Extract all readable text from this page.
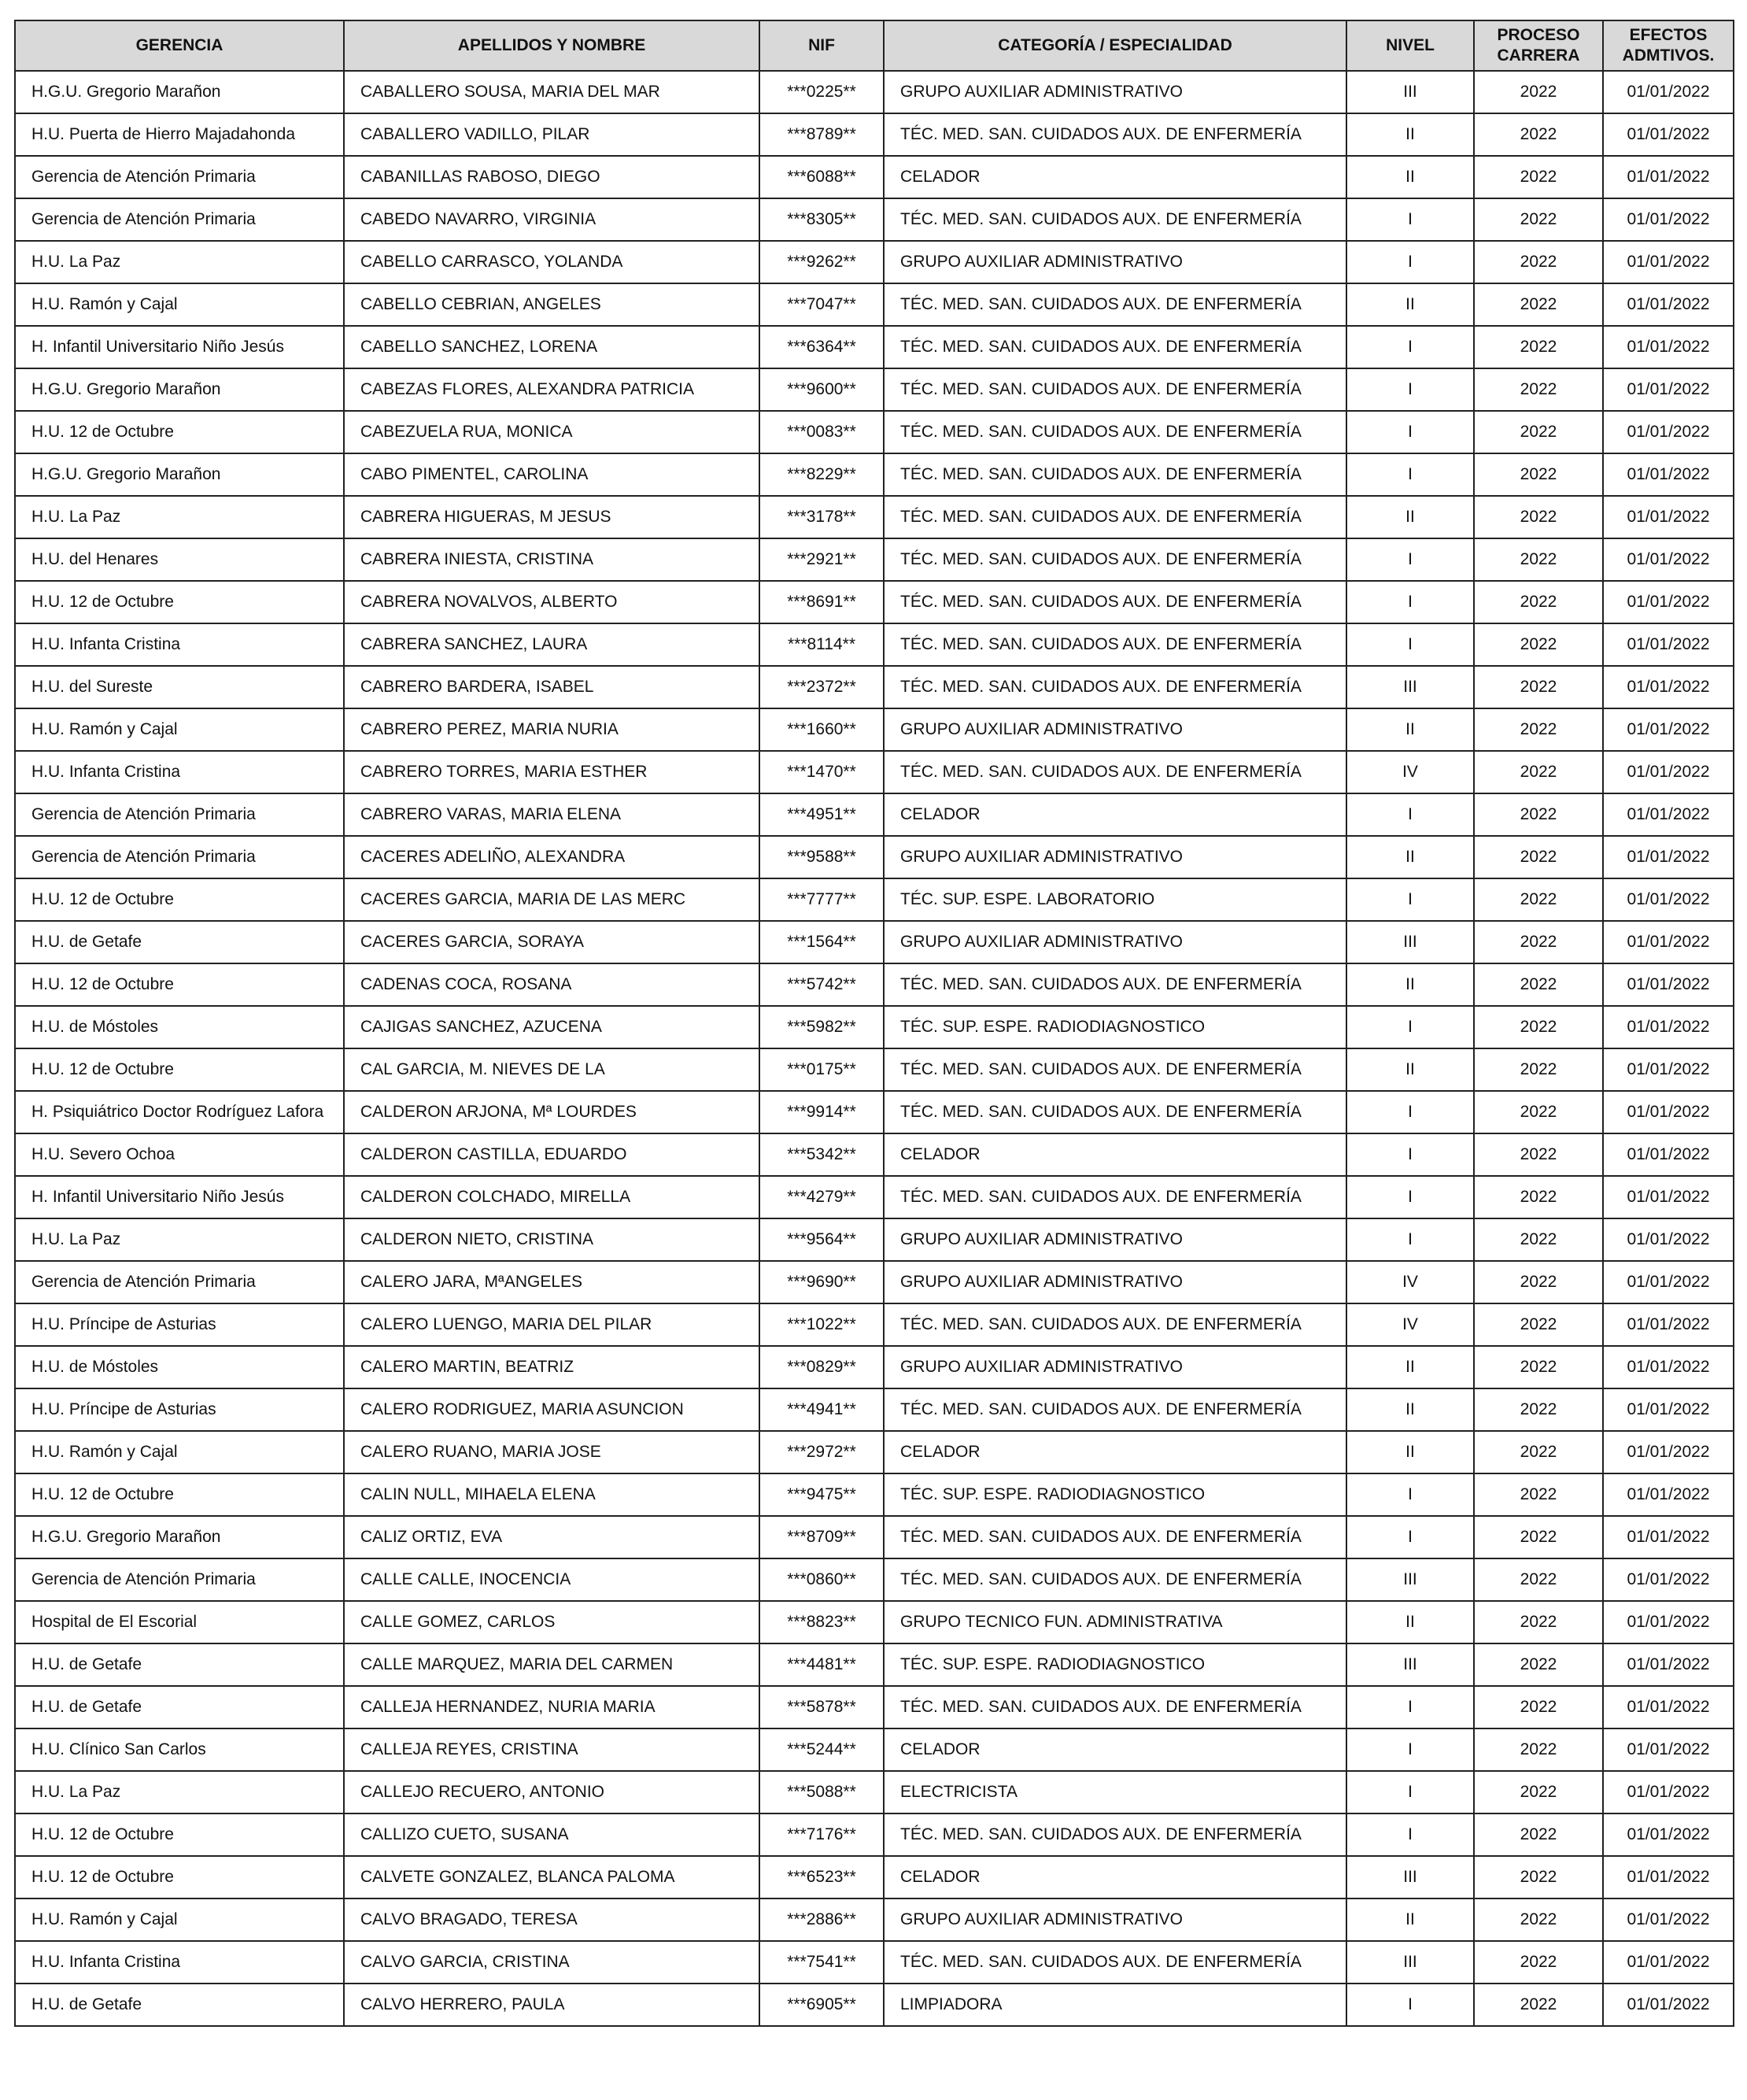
GERENCIA	APELLIDOS Y NOMBRE	NIF	CATEGORÍA / ESPECIALIDAD	NIVEL	PROCESO CARRERA	EFECTOS ADMTIVOS.
H.G.U. Gregorio Marañon	CABALLERO SOUSA, MARIA DEL MAR	***0225**	GRUPO AUXILIAR ADMINISTRATIVO	III	2022	01/01/2022
H.U. Puerta de Hierro Majadahonda	CABALLERO VADILLO, PILAR	***8789**	TÉC. MED. SAN. CUIDADOS AUX. DE ENFERMERÍA	II	2022	01/01/2022
Gerencia de Atención Primaria	CABANILLAS RABOSO, DIEGO	***6088**	CELADOR	II	2022	01/01/2022
Gerencia de Atención Primaria	CABEDO NAVARRO, VIRGINIA	***8305**	TÉC. MED. SAN. CUIDADOS AUX. DE ENFERMERÍA	I	2022	01/01/2022
H.U. La Paz	CABELLO CARRASCO, YOLANDA	***9262**	GRUPO AUXILIAR ADMINISTRATIVO	I	2022	01/01/2022
H.U. Ramón y Cajal	CABELLO CEBRIAN, ANGELES	***7047**	TÉC. MED. SAN. CUIDADOS AUX. DE ENFERMERÍA	II	2022	01/01/2022
H. Infantil Universitario Niño Jesús	CABELLO SANCHEZ, LORENA	***6364**	TÉC. MED. SAN. CUIDADOS AUX. DE ENFERMERÍA	I	2022	01/01/2022
H.G.U. Gregorio Marañon	CABEZAS FLORES, ALEXANDRA PATRICIA	***9600**	TÉC. MED. SAN. CUIDADOS AUX. DE ENFERMERÍA	I	2022	01/01/2022
H.U. 12 de Octubre	CABEZUELA RUA, MONICA	***0083**	TÉC. MED. SAN. CUIDADOS AUX. DE ENFERMERÍA	I	2022	01/01/2022
H.G.U. Gregorio Marañon	CABO PIMENTEL, CAROLINA	***8229**	TÉC. MED. SAN. CUIDADOS AUX. DE ENFERMERÍA	I	2022	01/01/2022
H.U. La Paz	CABRERA HIGUERAS, M JESUS	***3178**	TÉC. MED. SAN. CUIDADOS AUX. DE ENFERMERÍA	II	2022	01/01/2022
H.U. del Henares	CABRERA INIESTA, CRISTINA	***2921**	TÉC. MED. SAN. CUIDADOS AUX. DE ENFERMERÍA	I	2022	01/01/2022
H.U. 12 de Octubre	CABRERA NOVALVOS, ALBERTO	***8691**	TÉC. MED. SAN. CUIDADOS AUX. DE ENFERMERÍA	I	2022	01/01/2022
H.U. Infanta Cristina	CABRERA SANCHEZ, LAURA	***8114**	TÉC. MED. SAN. CUIDADOS AUX. DE ENFERMERÍA	I	2022	01/01/2022
H.U. del Sureste	CABRERO BARDERA, ISABEL	***2372**	TÉC. MED. SAN. CUIDADOS AUX. DE ENFERMERÍA	III	2022	01/01/2022
H.U. Ramón y Cajal	CABRERO PEREZ, MARIA NURIA	***1660**	GRUPO AUXILIAR ADMINISTRATIVO	II	2022	01/01/2022
H.U. Infanta Cristina	CABRERO TORRES, MARIA ESTHER	***1470**	TÉC. MED. SAN. CUIDADOS AUX. DE ENFERMERÍA	IV	2022	01/01/2022
Gerencia de Atención Primaria	CABRERO VARAS, MARIA ELENA	***4951**	CELADOR	I	2022	01/01/2022
Gerencia de Atención Primaria	CACERES ADELIÑO, ALEXANDRA	***9588**	GRUPO AUXILIAR ADMINISTRATIVO	II	2022	01/01/2022
H.U. 12 de Octubre	CACERES GARCIA, MARIA DE LAS MERC	***7777**	TÉC. SUP. ESPE. LABORATORIO	I	2022	01/01/2022
H.U. de Getafe	CACERES GARCIA, SORAYA	***1564**	GRUPO AUXILIAR ADMINISTRATIVO	III	2022	01/01/2022
H.U. 12 de Octubre	CADENAS COCA, ROSANA	***5742**	TÉC. MED. SAN. CUIDADOS AUX. DE ENFERMERÍA	II	2022	01/01/2022
H.U. de Móstoles	CAJIGAS SANCHEZ, AZUCENA	***5982**	TÉC. SUP. ESPE. RADIODIAGNOSTICO	I	2022	01/01/2022
H.U. 12 de Octubre	CAL GARCIA, M. NIEVES DE LA	***0175**	TÉC. MED. SAN. CUIDADOS AUX. DE ENFERMERÍA	II	2022	01/01/2022
H. Psiquiátrico Doctor Rodríguez Lafora	CALDERON ARJONA, Mª LOURDES	***9914**	TÉC. MED. SAN. CUIDADOS AUX. DE ENFERMERÍA	I	2022	01/01/2022
H.U. Severo Ochoa	CALDERON CASTILLA, EDUARDO	***5342**	CELADOR	I	2022	01/01/2022
H. Infantil Universitario Niño Jesús	CALDERON COLCHADO, MIRELLA	***4279**	TÉC. MED. SAN. CUIDADOS AUX. DE ENFERMERÍA	I	2022	01/01/2022
H.U. La Paz	CALDERON NIETO, CRISTINA	***9564**	GRUPO AUXILIAR ADMINISTRATIVO	I	2022	01/01/2022
Gerencia de Atención Primaria	CALERO JARA, MªANGELES	***9690**	GRUPO AUXILIAR ADMINISTRATIVO	IV	2022	01/01/2022
H.U. Príncipe de Asturias	CALERO LUENGO, MARIA DEL PILAR	***1022**	TÉC. MED. SAN. CUIDADOS AUX. DE ENFERMERÍA	IV	2022	01/01/2022
H.U. de Móstoles	CALERO MARTIN, BEATRIZ	***0829**	GRUPO AUXILIAR ADMINISTRATIVO	II	2022	01/01/2022
H.U. Príncipe de Asturias	CALERO RODRIGUEZ, MARIA ASUNCION	***4941**	TÉC. MED. SAN. CUIDADOS AUX. DE ENFERMERÍA	II	2022	01/01/2022
H.U. Ramón y Cajal	CALERO RUANO, MARIA JOSE	***2972**	CELADOR	II	2022	01/01/2022
H.U. 12 de Octubre	CALIN NULL, MIHAELA ELENA	***9475**	TÉC. SUP. ESPE. RADIODIAGNOSTICO	I	2022	01/01/2022
H.G.U. Gregorio Marañon	CALIZ ORTIZ, EVA	***8709**	TÉC. MED. SAN. CUIDADOS AUX. DE ENFERMERÍA	I	2022	01/01/2022
Gerencia de Atención Primaria	CALLE CALLE, INOCENCIA	***0860**	TÉC. MED. SAN. CUIDADOS AUX. DE ENFERMERÍA	III	2022	01/01/2022
Hospital de El Escorial	CALLE GOMEZ, CARLOS	***8823**	GRUPO TECNICO FUN. ADMINISTRATIVA	II	2022	01/01/2022
H.U. de Getafe	CALLE MARQUEZ, MARIA DEL CARMEN	***4481**	TÉC. SUP. ESPE. RADIODIAGNOSTICO	III	2022	01/01/2022
H.U. de Getafe	CALLEJA HERNANDEZ, NURIA MARIA	***5878**	TÉC. MED. SAN. CUIDADOS AUX. DE ENFERMERÍA	I	2022	01/01/2022
H.U. Clínico San Carlos	CALLEJA REYES, CRISTINA	***5244**	CELADOR	I	2022	01/01/2022
H.U. La Paz	CALLEJO RECUERO, ANTONIO	***5088**	ELECTRICISTA	I	2022	01/01/2022
H.U. 12 de Octubre	CALLIZO CUETO, SUSANA	***7176**	TÉC. MED. SAN. CUIDADOS AUX. DE ENFERMERÍA	I	2022	01/01/2022
H.U. 12 de Octubre	CALVETE GONZALEZ, BLANCA PALOMA	***6523**	CELADOR	III	2022	01/01/2022
H.U. Ramón y Cajal	CALVO BRAGADO, TERESA	***2886**	GRUPO AUXILIAR ADMINISTRATIVO	II	2022	01/01/2022
H.U. Infanta Cristina	CALVO GARCIA, CRISTINA	***7541**	TÉC. MED. SAN. CUIDADOS AUX. DE ENFERMERÍA	III	2022	01/01/2022
H.U. de Getafe	CALVO HERRERO, PAULA	***6905**	LIMPIADORA	I	2022	01/01/2022
